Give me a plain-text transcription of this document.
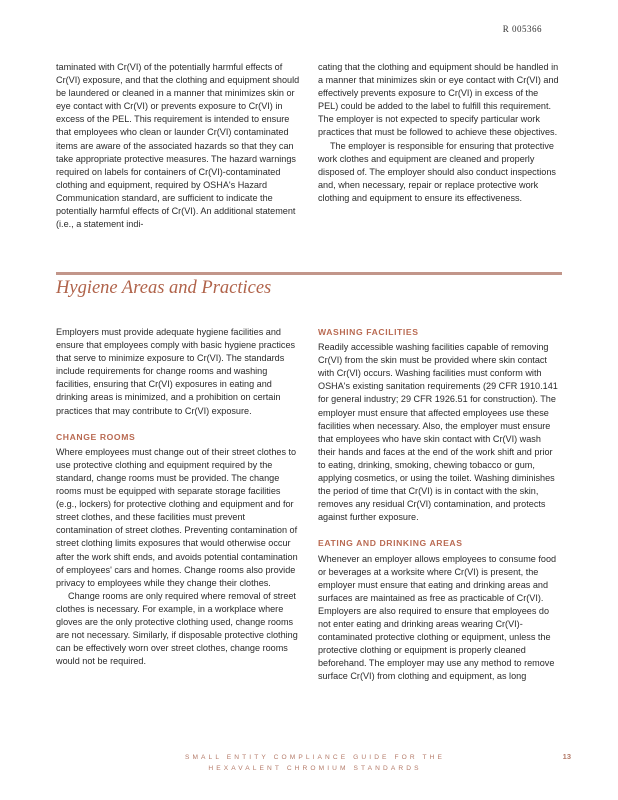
R 005366

taminated with Cr(VI) of the potentially harmful effects of Cr(VI) exposure, and that the clothing and equipment should be laundered or cleaned in a manner that minimizes skin or eye contact with Cr(VI) or prevents exposure to Cr(VI) in excess of the PEL. This requirement is intended to ensure that employees who clean or launder Cr(VI) contaminated items are aware of the associated hazards so that they can take appropriate protective measures. The hazard warnings required on labels for containers of Cr(VI)-contaminated clothing and equipment, required by OSHA's Hazard Communication standard, are sufficient to indicate the potentially harmful effects of Cr(VI). An additional statement (i.e., a statement indi-

cating that the clothing and equipment should be handled in a manner that minimizes skin or eye contact with Cr(VI) and effectively prevents exposure to Cr(VI) in excess of the PEL) could be added to the label to fulfill this requirement. The employer is not expected to specify particular work practices that must be followed to achieve these objectives.

The employer is responsible for ensuring that protective work clothes and equipment are cleaned and properly disposed of. The employer should also conduct inspections and, when necessary, repair or replace protective work clothing and equipment to ensure its effectiveness.

Hygiene Areas and Practices

Employers must provide adequate hygiene facilities and ensure that employees comply with basic hygiene practices that serve to minimize exposure to Cr(VI). The standards include requirements for change rooms and washing facilities, ensuring that Cr(VI) exposures in eating and drinking areas is minimized, and a prohibition on certain practices that may contribute to Cr(VI) exposure.

CHANGE ROOMS

Where employees must change out of their street clothes to use protective clothing and equipment required by the standard, change rooms must be provided. The change rooms must be equipped with separate storage facilities (e.g., lockers) for protective clothing and equipment and for street clothes, and these facilities must prevent contamination of street clothes. Preventing contamination of street clothing limits exposures that would otherwise occur after the work shift ends, and avoids potential contamination of employees' cars and homes. Change rooms also provide privacy to employees while they change their clothes.

Change rooms are only required where removal of street clothes is necessary. For example, in a workplace where gloves are the only protective clothing used, change rooms are not necessary. Similarly, if disposable protective clothing can be effectively worn over street clothes, change rooms would not be required.

WASHING FACILITIES

Readily accessible washing facilities capable of removing Cr(VI) from the skin must be provided where skin contact with Cr(VI) occurs. Washing facilities must conform with OSHA's existing sanitation requirements (29 CFR 1910.141 for general industry; 29 CFR 1926.51 for construction). The employer must ensure that affected employees use these facilities when necessary. Also, the employer must ensure that employees who have skin contact with Cr(VI) wash their hands and faces at the end of the work shift and prior to eating, drinking, smoking, chewing tobacco or gum, applying cosmetics, or using the toilet. Washing diminishes the period of time that Cr(VI) is in contact with the skin, removes any residual Cr(VI) contamination, and protects against further exposure.

EATING AND DRINKING AREAS

Whenever an employer allows employees to consume food or beverages at a worksite where Cr(VI) is present, the employer must ensure that eating and drinking areas and surfaces are maintained as free as practicable of Cr(VI). Employers are also required to ensure that employees do not enter eating and drinking areas wearing Cr(VI)-contaminated protective clothing or equipment, unless the protective clothing or equipment is properly cleaned beforehand. The employer may use any method to remove surface Cr(VI) from clothing and equipment, as long

SMALL ENTITY COMPLIANCE GUIDE FOR THE
HEXAVALENT CHROMIUM STANDARDS
13
